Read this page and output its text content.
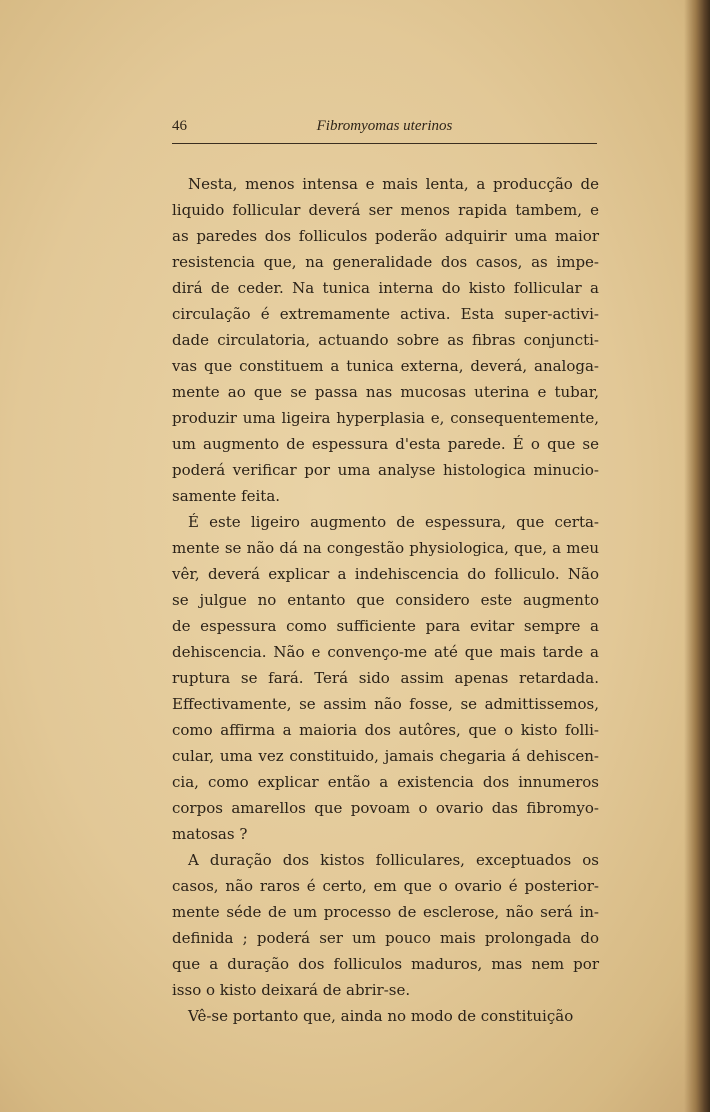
46	Fibromyomas uterinos
Nesta, menos intensa e mais lenta, a producção de
liquido follicular deverá ser menos rapida tambem, e
as paredes dos folliculos poderão adquirir uma maior
resistencia que, na generalidade dos casos, as impe-
dirá de ceder. Na tunica interna do kisto follicular a
circulação é extremamente activa. Esta super-activi-
dade circulatoria, actuando sobre as fibras conjuncti-
vas que constituem a tunica externa, deverá, analoga-
mente ao que se passa nas mucosas uterina e tubar,
produzir uma ligeira hyperplasia e, consequentemente,
um augmento de espessura d'esta parede. É o que se
poderá verificar por uma analyse histologica minucio-
samente feita.
É este ligeiro augmento de espessura, que certa-
mente se não dá na congestão physiologica, que, a meu
vêr, deverá explicar a indehiscencia do folliculo. Não
se julgue no entanto que considero este augmento
de espessura como sufficiente para evitar sempre a
dehiscencia. Não e convenço-me até que mais tarde a
ruptura se fará. Terá sido assim apenas retardada.
Effectivamente, se assim não fosse, se admittissemos,
como affirma a maioria dos autôres, que o kisto folli-
cular, uma vez constituido, jamais chegaria á dehiscen-
cia, como explicar então a existencia dos innumeros
corpos amarellos que povoam o ovario das fibromyo-
matosas ?
A duração dos kistos folliculares, exceptuados os
casos, não raros é certo, em que o ovario é posterior-
mente séde de um processo de esclerose, não será in-
definida ; poderá ser um pouco mais prolongada do
que a duração dos folliculos maduros, mas nem por
isso o kisto deixará de abrir-se.
Vê-se portanto que, ainda no modo de constituição
